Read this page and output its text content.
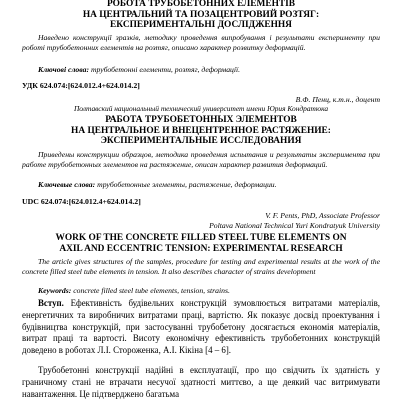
РОБОТА ТРУБОБЕТОННИХ ЕЛЕМЕНТІВ
НА ЦЕНТРАЛЬНИЙ ТА ПОЗАЦЕНТРОВИЙ РОЗТЯГ:
ЕКСПЕРИМЕНТАЛЬНІ ДОСЛІДЖЕННЯ

Наведено конструкції зразків, методику проведення випробування і результати експерименту при роботі трубобетонних елементів на розтяг, описано характер розвитку деформацій.

Ключові слова: трубобетонні елементи, розтяг, деформації.

УДК 624.074:[624.012.4+624.014.2]
В.Ф. Пенц, к.т.н., доцент
Полтавский национальный технический университет имени Юрия Кондратюка
РАБОТА ТРУБОБЕТОННЫХ ЭЛЕМЕНТОВ
НА ЦЕНТРАЛЬНОЕ И ВНЕЦЕНТРЕННОЕ РАСТЯЖЕНИЕ:
ЭКСПЕРИМЕНТАЛЬНЫЕ ИССЛЕДОВАНИЯ

Приведены конструкции образцов, методика проведения испытания и результаты эксперимента при работе трубобетонных элементов на растяжение, описан характер развития деформаций.

Ключевые слова: трубобетонные элементы, растяжение, деформации.

UDC 624.074:[624.012.4+624.014.2]
V. F. Pents, PhD, Associate Professor
Poltava National Technical Yuri Kondratyuk University
WORK OF THE CONCRETE FILLED STEEL TUBE ELEMENTS ON
AXIL AND ECCENTRIC TENSION: EXPERIMENTAL RESEARCH

The article gives structures of the samples, procedure for testing and experimental results at the work of the concrete filled steel tube elements in tension. It also describes character of strains development

Keywords: concrete filled steel tube elements, tension, strains.

Вступ. Ефективність будівельних конструкцій зумовлюється витратами матеріалів, енергетичних та виробничих витратами праці, вартістю. Як показує досвід проектування і будівництва конструкцій, при застосуванні трубобетону досягається економія матеріалів, витрат праці та вартості. Висоту економічну ефективність трубобетонних конструкцій доведено в роботах Л.І. Стороженка, А.І. Кікіна [4 – 6].

Трубобетонні конструкції надійні в експлуатації, про що свідчить їх здатність у граничному стані не втрачати несучої здатності миттєво, а ще деякий час витримувати навантаження. Це підтверджено багатьма
